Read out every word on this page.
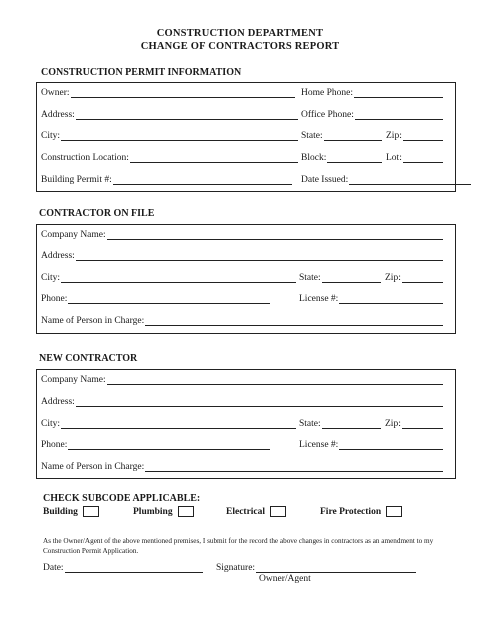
CONSTRUCTION DEPARTMENT
CHANGE OF CONTRACTORS REPORT
CONSTRUCTION PERMIT INFORMATION
Owner:	Home Phone:
Address:	Office Phone:
City:	State:	Zip:
Construction Location:	Block:	Lot:
Building Permit #:	Date Issued:
CONTRACTOR ON FILE
Company Name:
Address:
City:	State:	Zip:
Phone:	License #:
Name of Person in Charge:
NEW CONTRACTOR
Company Name:
Address:
City:	State:	Zip:
Phone:	License #:
Name of Person in Charge:
CHECK SUBCODE APPLICABLE:
Building	Plumbing	Electrical	Fire Protection
As the Owner/Agent of the above mentioned premises, I submit for the record the above changes in contractors as an amendment to my Construction Permit Application.
Date:	Signature:
Owner/Agent
